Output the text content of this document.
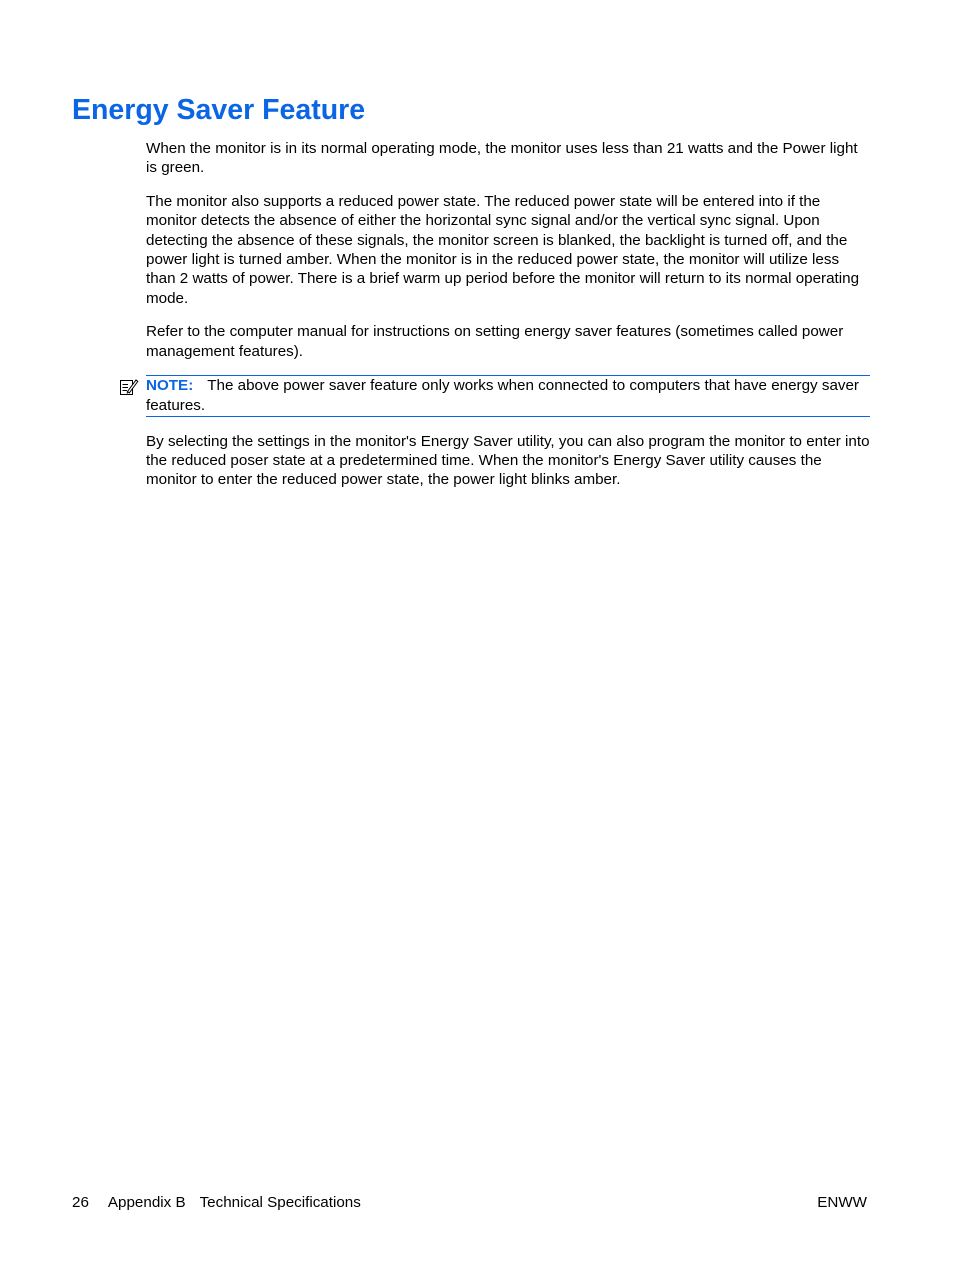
Energy Saver Feature

When the monitor is in its normal operating mode, the monitor uses less than 21 watts and the Power light is green.

The monitor also supports a reduced power state. The reduced power state will be entered into if the monitor detects the absence of either the horizontal sync signal and/or the vertical sync signal. Upon detecting the absence of these signals, the monitor screen is blanked, the backlight is turned off, and the power light is turned amber. When the monitor is in the reduced power state, the monitor will utilize less than 2 watts of power. There is a brief warm up period before the monitor will return to its normal operating mode.

Refer to the computer manual for instructions on setting energy saver features (sometimes called power management features).

NOTE: The above power saver feature only works when connected to computers that have energy saver features.

By selecting the settings in the monitor's Energy Saver utility, you can also program the monitor to enter into the reduced poser state at a predetermined time. When the monitor's Energy Saver utility causes the monitor to enter the reduced power state, the power light blinks amber.

26 Appendix B Technical Specifications	ENWW
